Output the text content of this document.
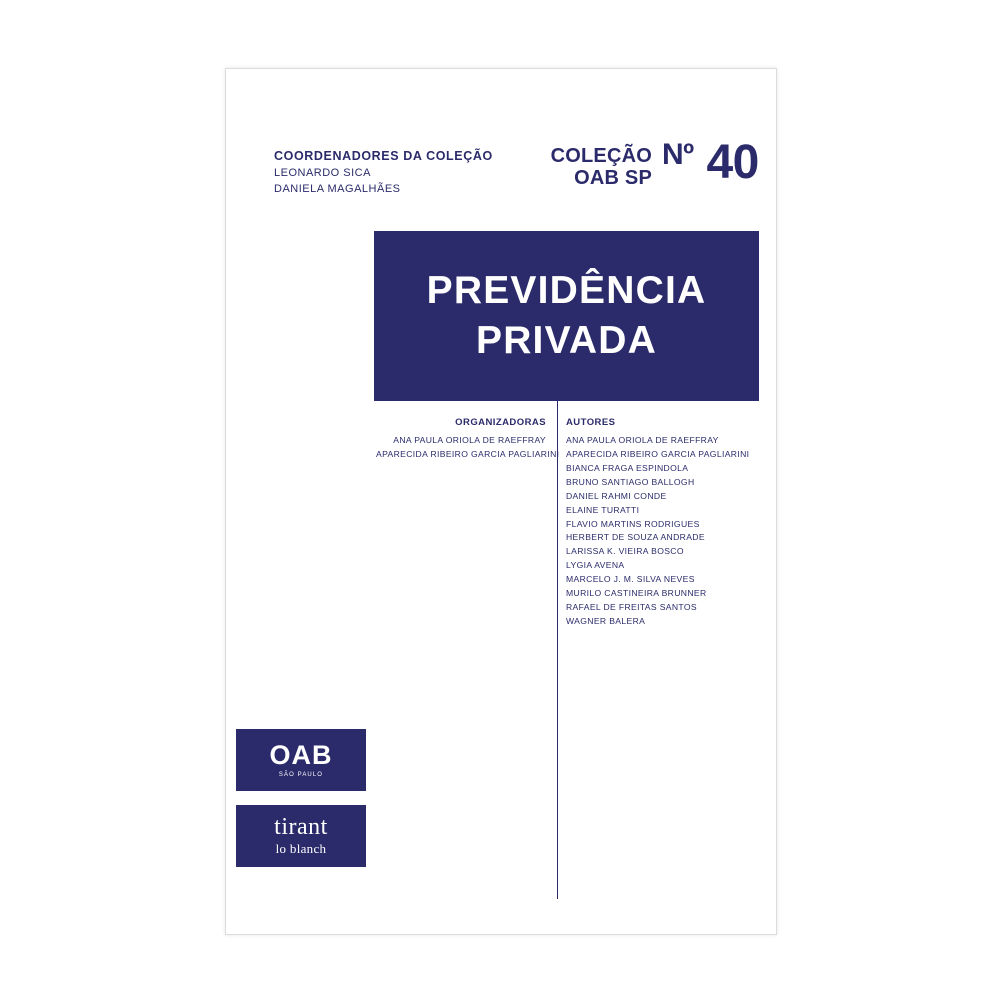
COORDENADORES DA COLEÇÃO
LEONARDO SICA
DANIELA MAGALHÃES
COLEÇÃO
OAB SP
$^{Nº}$ 40
PREVIDÊNCIA
PRIVADA
ORGANIZADORAS
ANA PAULA ORIOLA DE RAEFFRAY
APARECIDA RIBEIRO GARCIA PAGLIARINI
AUTORES
ANA PAULA ORIOLA DE RAEFFRAY
APARECIDA RIBEIRO GARCIA PAGLIARINI
BIANCA FRAGA ESPINDOLA
BRUNO SANTIAGO BALLOGH
DANIEL RAHMI CONDE
ELAINE TURATTI
FLAVIO MARTINS RODRIGUES
HERBERT DE SOUZA ANDRADE
LARISSA K. VIEIRA BOSCO
LYGIA AVENA
MARCELO J. M. SILVA NEVES
MURILO CASTINEIRA BRUNNER
RAFAEL DE FREITAS SANTOS
WAGNER BALERA
OAB
SÃO PAULO
tirant
lo blanch
